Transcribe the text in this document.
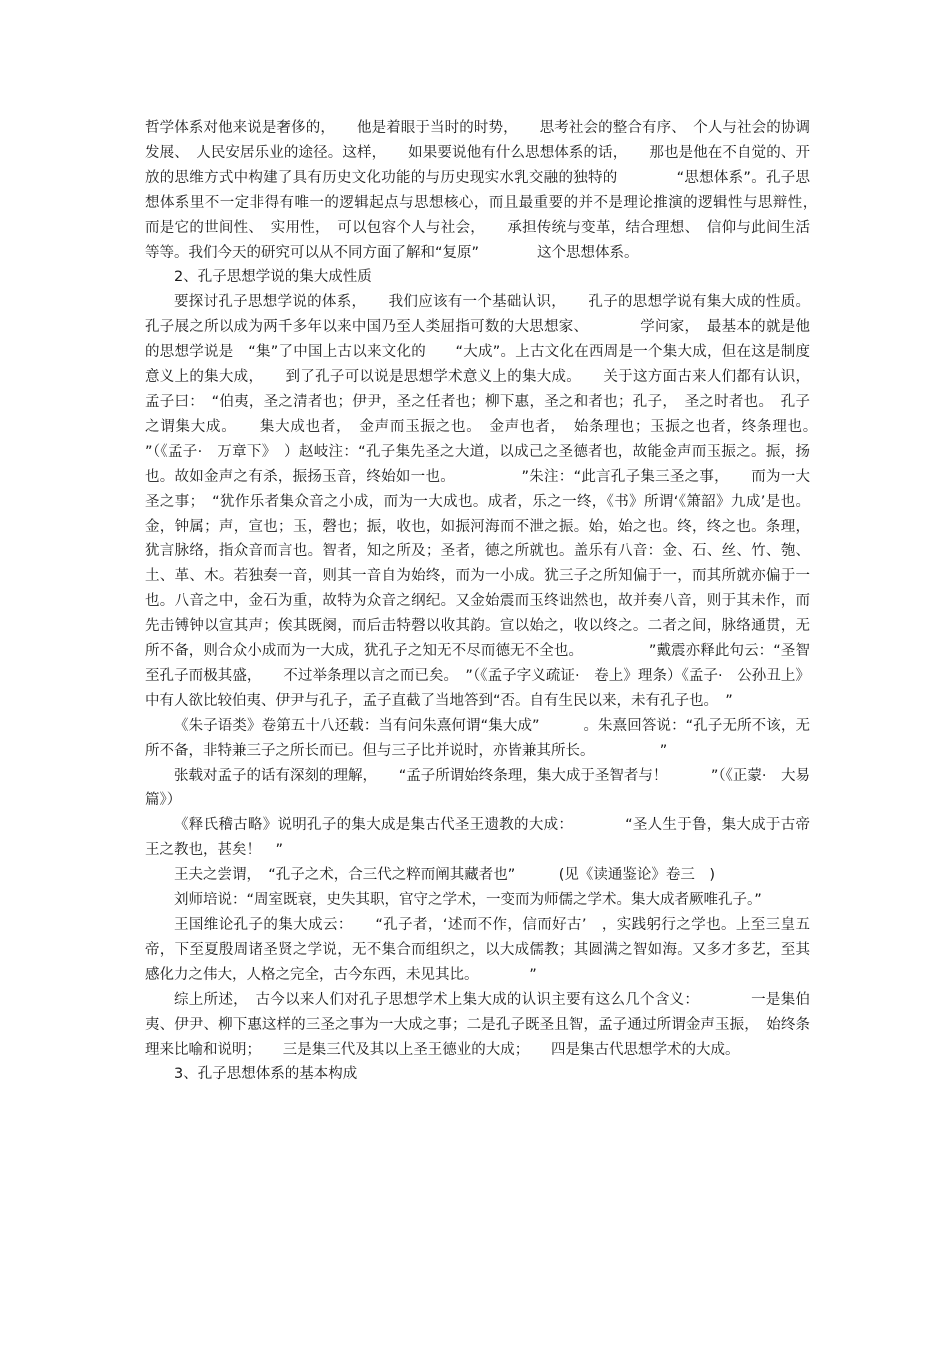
哲学体系对他来说是奢侈的，　　他是着眼于当时的时势，　　思考社会的整合有序、　个人与社会的协调发展、　人民安居乐业的途径。这样，　　如果要说他有什么思想体系的话，　　那也是他在不自觉的、开放的思维方式中构建了具有历史文化功能的与历史现实水乳交融的独特的　　　　“思想体系”。孔子思想体系里不一定非得有唯一的逻辑起点与思想核心，而且最重要的并不是理论推演的逻辑性与思辩性，　　而是它的世间性、　实用性，　可以包容个人与社会，　　承担传统与变革，结合理想、　信仰与此间生活等等。我们今天的研究可以从不同方面了解和“复原”　　　　这个思想体系。

2、孔子思想学说的集大成性质

要探讨孔子思想学说的体系，　　我们应该有一个基础认识，　　孔子的思想学说有集大成的性质。孔子展之所以成为两千多年以来中国乃至人类屈指可数的大思想家、　　　　学问家，　最基本的就是他的思想学说是　“集”了中国上古以来文化的　　“大成”。上古文化在西周是一个集大成，但在这是制度意义上的集大成，　　到了孔子可以说是思想学术意义上的集大成。　　关于这方面古来人们都有认识，孟子曰：　“伯夷，圣之清者也；伊尹，圣之任者也；柳下惠，圣之和者也；孔子，　圣之时者也。　孔子之谓集大成。　　集大成也者，　金声而玉振之也。　金声也者，　始条理也；玉振之也者，终条理也。　”（《孟子·　万章下》　）赵岐注：“孔子集先圣之大道，以成己之圣德者也，故能金声而玉振之。振，扬也。故如金声之有杀，振扬玉音，终始如一也。　　　　　”朱注：“此言孔子集三圣之事，　　而为一大圣之事；　“犹作乐者集众音之小成，而为一大成也。成者，乐之一终，《书》所谓‘《箫韶》九成’是也。金，钟属；声，宣也；玉，磬也；振，收也，如振河海而不泄之振。始，始之也。终，终之也。条理，犹言脉络，指众音而言也。智者，知之所及；圣者，德之所就也。盖乐有八音：金、石、丝、竹、匏、土、革、木。若独奏一音，则其一音自为始终，而为一小成。犹三子之所知偏于一，而其所就亦偏于一也。八音之中，金石为重，故特为众音之纲纪。又金始震而玉终诎然也，故并奏八音，则于其未作，而先击镈钟以宣其声；俟其既阕，而后击特磬以收其韵。宣以始之，收以终之。二者之间，脉络通贯，无所不备，则合众小成而为一大成，犹孔子之知无不尽而德无不全也。　　　　　”戴震亦释此句云：“圣智至孔子而极其盛，　　不过举条理以言之而已矣。　”（《孟子字义疏证·　卷上》理条）《孟子·　公孙丑上》中有人欲比较伯夷、伊尹与孔子，孟子直截了当地答到“否。自有生民以来，未有孔子也。　”

《朱子语类》卷第五十八还载：当有问朱熹何谓“集大成”　　　。朱熹回答说：“孔子无所不该，无所不备，非特兼三子之所长而已。但与三子比并说时，亦皆兼其所长。　　　　　”

张载对孟子的话有深刻的理解，　　“孟子所谓始终条理，集大成于圣智者与！　　　”（《正蒙·　大易篇》）

《释氏稽古略》说明孔子的集大成是集古代圣王遗教的大成：　　　　“圣人生于鲁，集大成于古帝王之教也，甚矣！　”

王夫之尝谓，　“孔子之术，合三代之粹而阐其藏者也”　　　(见《读通鉴论》卷三　)

刘师培说：“周室既衰，史失其职，官守之学术，一变而为师儒之学术。集大成者厥唯孔子。”

王国维论孔子的集大成云：　　“孔子者，‘述而不作，信而好古’　，实践躬行之学也。上至三皇五帝，下至夏殷周诸圣贤之学说，无不集合而组织之，以大成儒教；其圆满之智如海。又多才多艺，至其感化力之伟大，人格之完全，古今东西，未见其比。　　　　”

综上所述，　古今以来人们对孔子思想学术上集大成的认识主要有这么几个含义：　　　　一是集伯夷、伊尹、柳下惠这样的三圣之事为一大成之事；二是孔子既圣且智，孟子通过所谓金声玉振，　始终条理来比喻和说明；　　三是集三代及其以上圣王德业的大成；　　四是集古代思想学术的大成。

3、孔子思想体系的基本构成
